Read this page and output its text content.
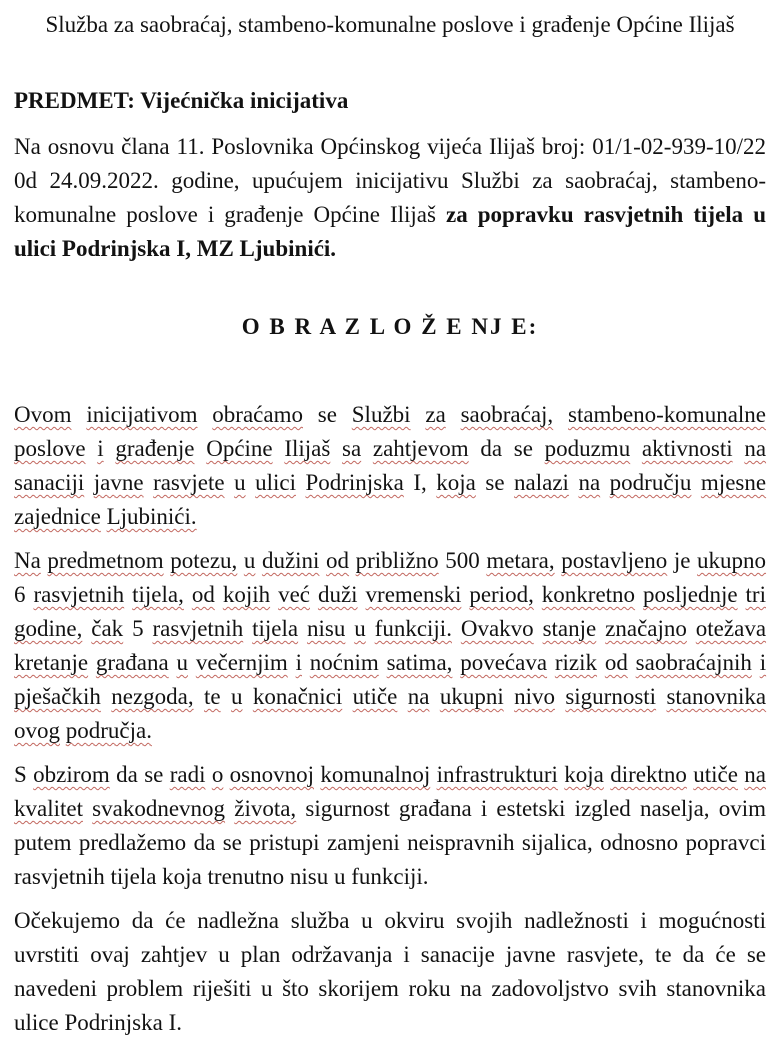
Služba za saobraćaj, stambeno-komunalne poslove i građenje Općine Ilijaš
PREDMET: Vijećnička inicijativa

Na osnovu člana 11. Poslovnika Općinskog vijeća Ilijaš broj: 01/1-02-939-10/22 0d 24.09.2022. godine, upućujem inicijativu Službi za saobraćaj, stambeno-komunalne poslove i građenje Općine Ilijaš za popravku rasvjetnih tijela u ulici Podrinjska I, MZ Ljubinići.

O B R A Z L O Ž E NJ E:

Ovom inicijativom obraćamo se Službi za saobraćaj, stambeno-komunalne poslove i građenje Općine Ilijaš sa zahtjevom da se poduzmu aktivnosti na sanaciji javne rasvjete u ulici Podrinjska I, koja se nalazi na području mjesne zajednice Ljubinići.

Na predmetnom potezu, u dužini od približno 500 metara, postavljeno je ukupno 6 rasvjetnih tijela, od kojih već duži vremenski period, konkretno posljednje tri godine, čak 5 rasvjetnih tijela nisu u funkciji. Ovakvo stanje značajno otežava kretanje građana u večernjim i noćnim satima, povećava rizik od saobraćajnih i pješačkih nezgoda, te u konačnici utiče na ukupni nivo sigurnosti stanovnika ovog područja.

S obzirom da se radi o osnovnoj komunalnoj infrastrukturi koja direktno utiče na kvalitet svakodnevnog života, sigurnost građana i estetski izgled naselja, ovim putem predlažemo da se pristupi zamjeni neispravnih sijalica, odnosno popravci rasvjetnih tijela koja trenutno nisu u funkciji.

Očekujemo da će nadležna služba u okviru svojih nadležnosti i mogućnosti uvrstiti ovaj zahtjev u plan održavanja i sanacije javne rasvjete, te da će se navedeni problem riješiti u što skorijem roku na zadovoljstvo svih stanovnika ulice Podrinjska I.
